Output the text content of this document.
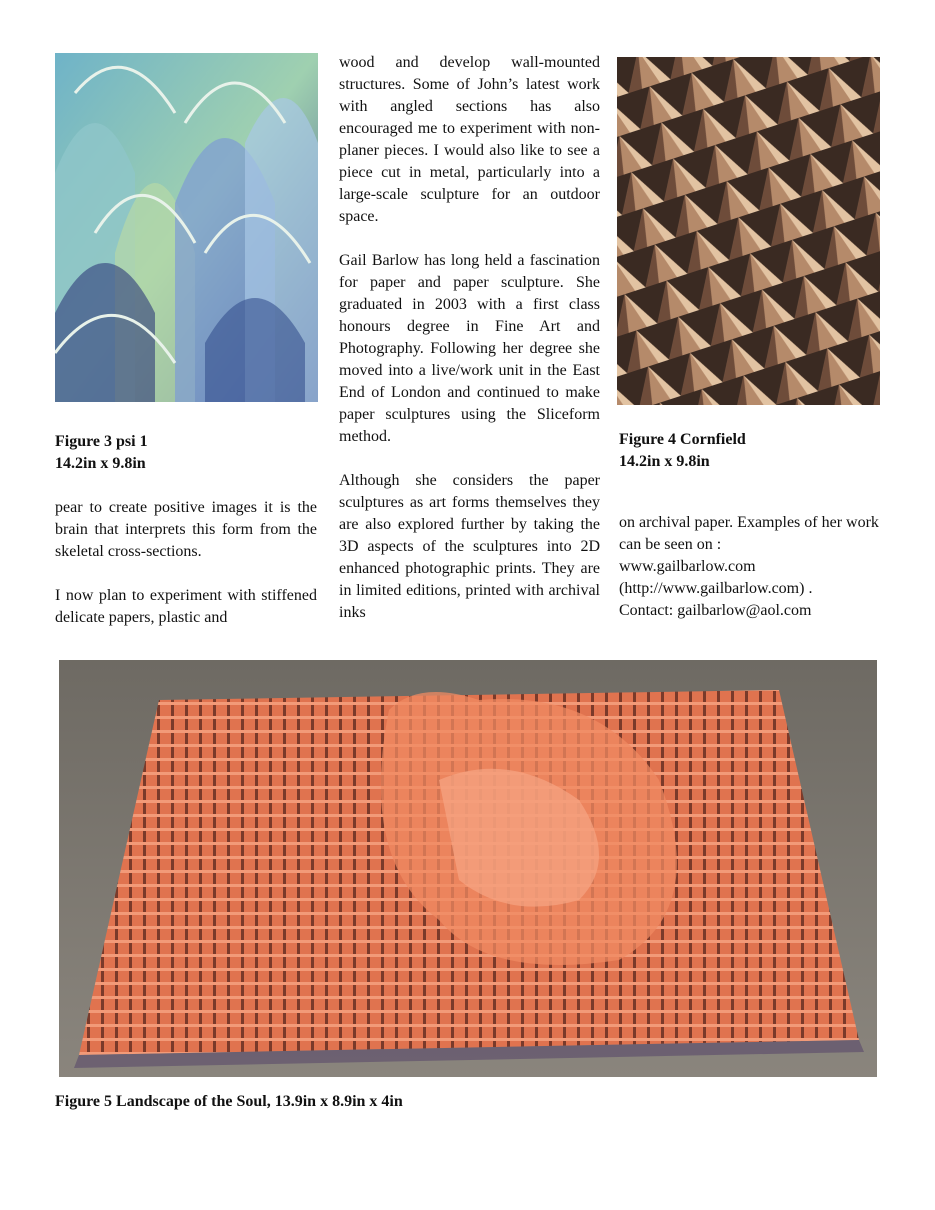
Figure 3 psi 1
14.2in x 9.8in

pear to create positive images it is the brain that interprets this form from the skeletal cross-sections.

I now plan to experiment with stiffened delicate papers, plastic and

wood and develop wall-mounted structures. Some of John’s latest work with angled sections has also encouraged me to experiment with non-planer pieces. I would also like to see a piece cut in metal, particularly into a large-scale sculpture for an outdoor space.

Gail Barlow has long held a fascination for paper and paper sculpture. She graduated in 2003 with a first class honours degree in Fine Art and Photography. Following her degree she moved into a live/work unit in the East End of London and continued to make paper sculptures using the Sliceform method.

Although she considers the paper sculptures as art forms themselves they are also explored further by taking the 3D aspects of the sculptures into 2D enhanced photographic prints. They are in limited editions, printed with archival inks

Figure 4 Cornfield
14.2in x 9.8in

on archival paper. Examples of her work can be seen on :

www.gailbarlow.com

(http://www.gailbarlow.com) .

Contact: gailbarlow@aol.com

Figure 5 Landscape of the Soul, 13.9in x 8.9in x 4in
